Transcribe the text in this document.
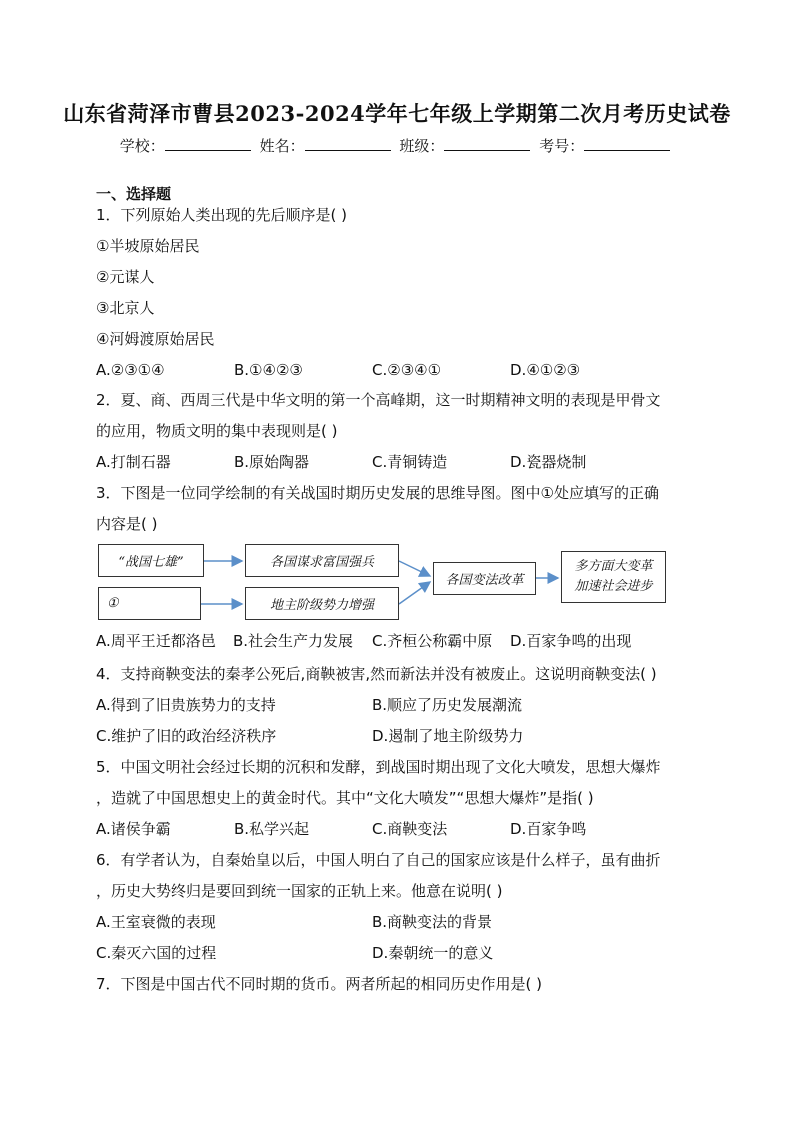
山东省菏泽市曹县2023-2024学年七年级上学期第二次月考历史试卷
学校：	姓名：	班级：	考号：
一、选择题
1．下列原始人类出现的先后顺序是( )
①半坡原始居民
②元谋人
③北京人
④河姆渡原始居民
A.②③①④	B.①④②③	C.②③④①	D.④①②③
2．夏、商、西周三代是中华文明的第一个高峰期，这一时期精神文明的表现是甲骨文
的应用，物质文明的集中表现则是( )
A.打制石器	B.原始陶器	C.青铜铸造	D.瓷器烧制
3．下图是一位同学绘制的有关战国时期历史发展的思维导图。图中①处应填写的正确
内容是( )
“战国七雄”	各国谋求富国强兵
①	地主阶级势力增强
各国变法改革
多方面大变革
加速社会进步
A.周平王迁都洛邑 B.社会生产力发展 C.齐桓公称霸中原 D.百家争鸣的出现
4．支持商鞅变法的秦孝公死后,商鞅被害,然而新法并没有被废止。这说明商鞅变法( )
A.得到了旧贵族势力的支持	B.顺应了历史发展潮流
C.维护了旧的政治经济秩序	D.遏制了地主阶级势力
5．中国文明社会经过长期的沉积和发酵，到战国时期出现了文化大喷发，思想大爆炸
，造就了中国思想史上的黄金时代。其中“文化大喷发”“思想大爆炸”是指( )
A.诸侯争霸	B.私学兴起	C.商鞅变法	D.百家争鸣
6．有学者认为，自秦始皇以后，中国人明白了自己的国家应该是什么样子，虽有曲折
，历史大势终归是要回到统一国家的正轨上来。他意在说明( )
A.王室衰微的表现	B.商鞅变法的背景
C.秦灭六国的过程	D.秦朝统一的意义
7．下图是中国古代不同时期的货币。两者所起的相同历史作用是( )
